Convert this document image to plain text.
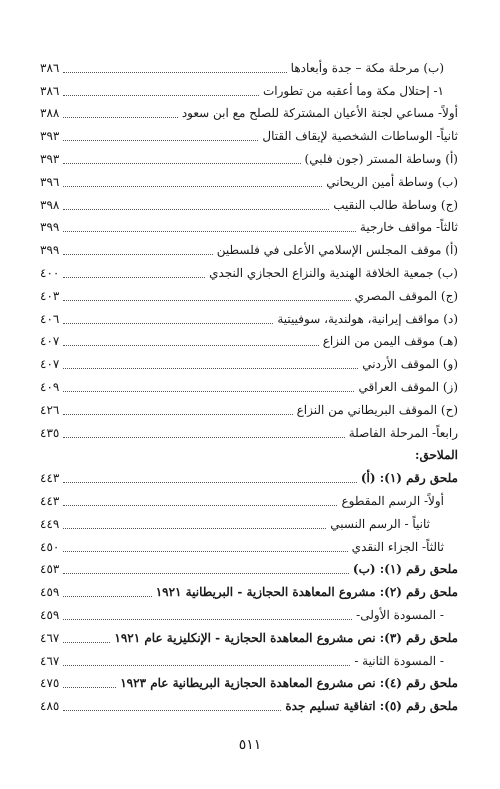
(ب) مرحلة مكة – جدة وأبعادها
٣٨٦
١- إحتلال مكة وما أعقبه من تطورات
٣٨٦
أولاً- مساعي لجنة الأعيان المشتركة للصلح مع ابن سعود
٣٨٨
ثانياً- الوساطات الشخصية لإيقاف القتال
٣٩٣
(أ) وساطة المستر (جون فلبي)
٣٩٣
(ب) وساطة أمين الريحاني
٣٩٦
(ج) وساطة طالب النقيب
٣٩٨
ثالثاً- مواقف خارجية
٣٩٩
(أ) موقف المجلس الإسلامي الأعلى في فلسطين
٣٩٩
(ب) جمعية الخلافة الهندية والنزاع الحجازي النجدي
٤٠٠
(ج) الموقف المصري
٤٠٣
(د) مواقف إيرانية، هولندية، سوفييتية
٤٠٦
(هـ) موقف اليمن من النزاع
٤٠٧
(و) الموقف الأردني
٤٠٧
(ز) الموقف العراقي
٤٠٩
(ح) الموقف البريطاني من النزاع
٤٢٦
رابعاً- المرحلة الفاصلة
٤٣٥
الملاحق:
ملحق رقم (١): (أ)
٤٤٣
أولاً- الرسم المقطوع
٤٤٣
ثانياً - الرسم النسبي
٤٤٩
ثالثاً- الجزاء النقدي
٤٥٠
ملحق رقم (١): (ب)
٤٥٣
ملحق رقم (٢): مشروع المعاهدة الحجازية - البريطانية ١٩٢١
٤٥٩
- المسودة الأولى-
٤٥٩
ملحق رقم (٣): نص مشروع المعاهدة الحجازية - الإنكليزية عام ١٩٢١
٤٦٧
- المسودة الثانية -
٤٦٧
ملحق رقم (٤): نص مشروع المعاهدة الحجازية البريطانية عام ١٩٢٣
٤٧٥
ملحق رقم (٥): اتفاقية تسليم جدة
٤٨٥
٥١١
